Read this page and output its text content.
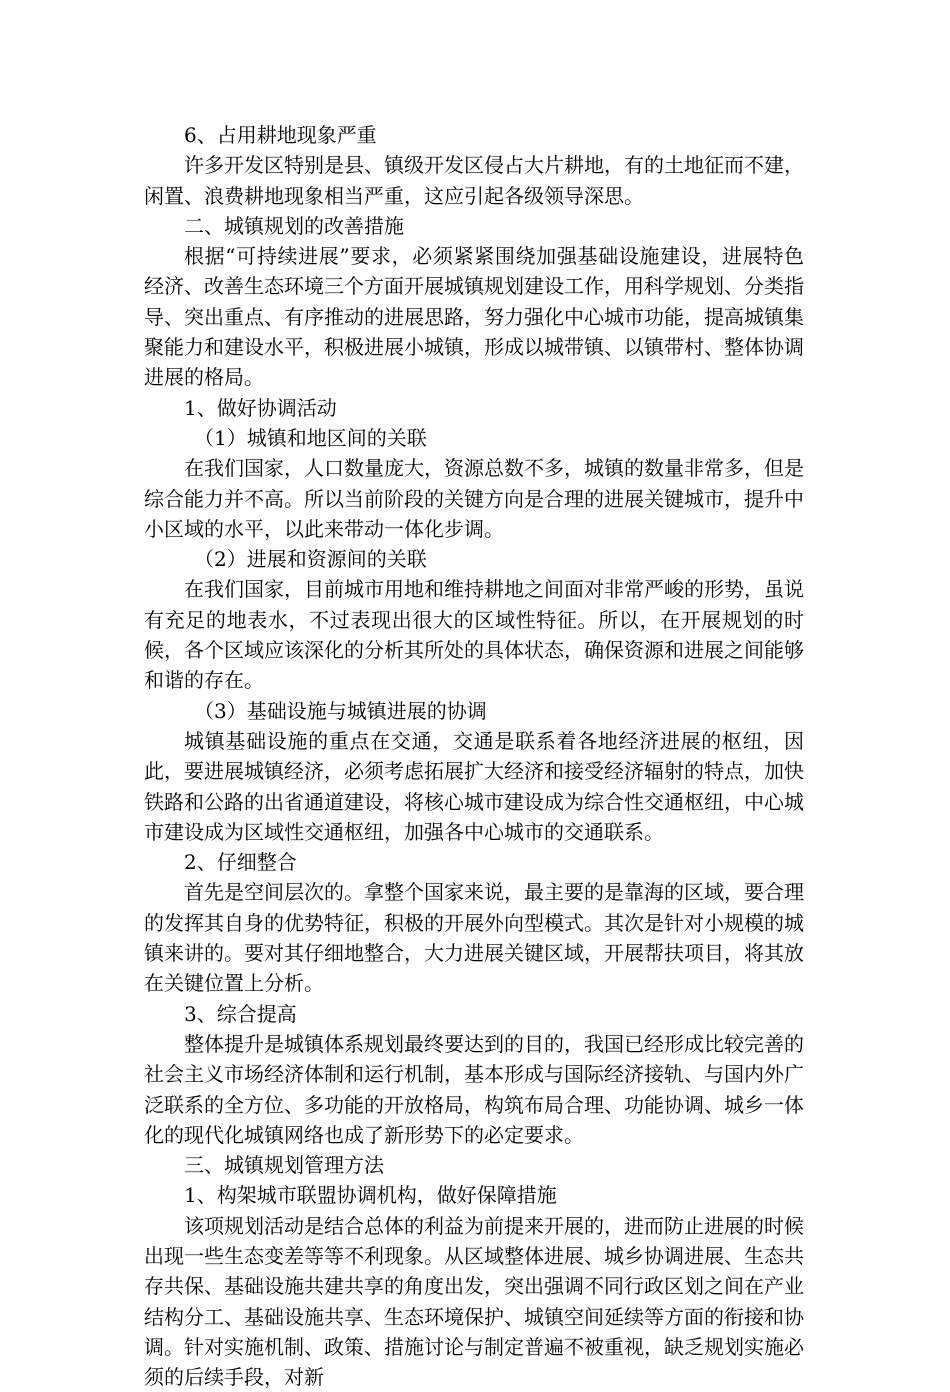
6、占用耕地现象严重

许多开发区特别是县、镇级开发区侵占大片耕地，有的土地征而不建，闲置、浪费耕地现象相当严重，这应引起各级领导深思。

二、城镇规划的改善措施

根据“可持续进展”要求，必须紧紧围绕加强基础设施建设，进展特色经济、改善生态环境三个方面开展城镇规划建设工作，用科学规划、分类指导、突出重点、有序推动的进展思路，努力强化中心城市功能，提高城镇集聚能力和建设水平，积极进展小城镇，形成以城带镇、以镇带村、整体协调进展的格局。

1、做好协调活动

（1）城镇和地区间的关联

在我们国家，人口数量庞大，资源总数不多，城镇的数量非常多，但是综合能力并不高。所以当前阶段的关键方向是合理的进展关键城市，提升中小区域的水平，以此来带动一体化步调。

（2）进展和资源间的关联

在我们国家，目前城市用地和维持耕地之间面对非常严峻的形势，虽说有充足的地表水，不过表现出很大的区域性特征。所以，在开展规划的时候，各个区域应该深化的分析其所处的具体状态，确保资源和进展之间能够和谐的存在。

（3）基础设施与城镇进展的协调

城镇基础设施的重点在交通，交通是联系着各地经济进展的枢纽，因此，要进展城镇经济，必须考虑拓展扩大经济和接受经济辐射的特点，加快铁路和公路的出省通道建设，将核心城市建设成为综合性交通枢纽，中心城市建设成为区域性交通枢纽，加强各中心城市的交通联系。

2、仔细整合

首先是空间层次的。拿整个国家来说，最主要的是靠海的区域，要合理的发挥其自身的优势特征，积极的开展外向型模式。其次是针对小规模的城镇来讲的。要对其仔细地整合，大力进展关键区域，开展帮扶项目，将其放在关键位置上分析。

3、综合提高

整体提升是城镇体系规划最终要达到的目的，我国已经形成比较完善的社会主义市场经济体制和运行机制，基本形成与国际经济接轨、与国内外广泛联系的全方位、多功能的开放格局，构筑布局合理、功能协调、城乡一体化的现代化城镇网络也成了新形势下的必定要求。

三、城镇规划管理方法

1、构架城市联盟协调机构，做好保障措施

该项规划活动是结合总体的利益为前提来开展的，进而防止进展的时候出现一些生态变差等等不利现象。从区域整体进展、城乡协调进展、生态共存共保、基础设施共建共享的角度出发，突出强调不同行政区划之间在产业结构分工、基础设施共享、生态环境保护、城镇空间延续等方面的衔接和协调。针对实施机制、政策、措施讨论与制定普遍不被重视，缺乏规划实施必须的后续手段，对新
